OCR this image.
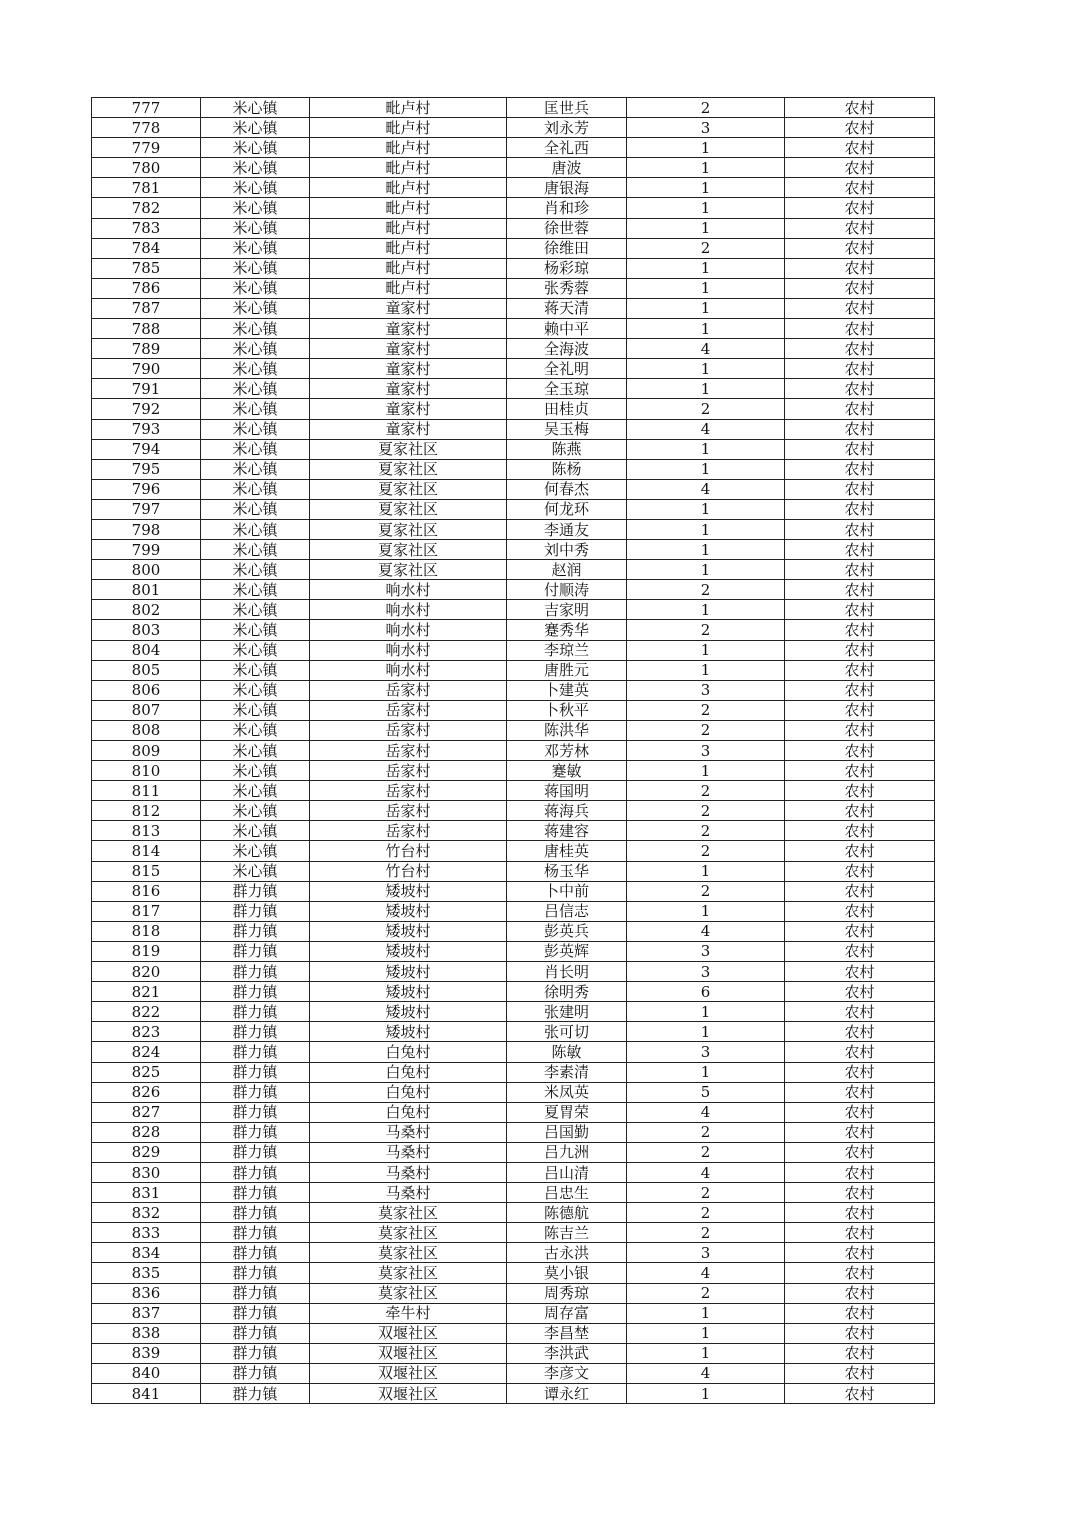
777	米心镇	毗卢村	匡世兵	2	农村
778	米心镇	毗卢村	刘永芳	3	农村
779	米心镇	毗卢村	全礼西	1	农村
780	米心镇	毗卢村	唐波	1	农村
781	米心镇	毗卢村	唐银海	1	农村
782	米心镇	毗卢村	肖和珍	1	农村
783	米心镇	毗卢村	徐世蓉	1	农村
784	米心镇	毗卢村	徐维田	2	农村
785	米心镇	毗卢村	杨彩琼	1	农村
786	米心镇	毗卢村	张秀蓉	1	农村
787	米心镇	童家村	蒋天清	1	农村
788	米心镇	童家村	赖中平	1	农村
789	米心镇	童家村	全海波	4	农村
790	米心镇	童家村	全礼明	1	农村
791	米心镇	童家村	全玉琼	1	农村
792	米心镇	童家村	田桂贞	2	农村
793	米心镇	童家村	吴玉梅	4	农村
794	米心镇	夏家社区	陈燕	1	农村
795	米心镇	夏家社区	陈杨	1	农村
796	米心镇	夏家社区	何春杰	4	农村
797	米心镇	夏家社区	何龙环	1	农村
798	米心镇	夏家社区	李通友	1	农村
799	米心镇	夏家社区	刘中秀	1	农村
800	米心镇	夏家社区	赵润	1	农村
801	米心镇	响水村	付顺涛	2	农村
802	米心镇	响水村	吉家明	1	农村
803	米心镇	响水村	蹇秀华	2	农村
804	米心镇	响水村	李琼兰	1	农村
805	米心镇	响水村	唐胜元	1	农村
806	米心镇	岳家村	卜建英	3	农村
807	米心镇	岳家村	卜秋平	2	农村
808	米心镇	岳家村	陈洪华	2	农村
809	米心镇	岳家村	邓芳林	3	农村
810	米心镇	岳家村	蹇敏	1	农村
811	米心镇	岳家村	蒋国明	2	农村
812	米心镇	岳家村	蒋海兵	2	农村
813	米心镇	岳家村	蒋建容	2	农村
814	米心镇	竹台村	唐桂英	2	农村
815	米心镇	竹台村	杨玉华	1	农村
816	群力镇	矮坡村	卜中前	2	农村
817	群力镇	矮坡村	吕信志	1	农村
818	群力镇	矮坡村	彭英兵	4	农村
819	群力镇	矮坡村	彭英辉	3	农村
820	群力镇	矮坡村	肖长明	3	农村
821	群力镇	矮坡村	徐明秀	6	农村
822	群力镇	矮坡村	张建明	1	农村
823	群力镇	矮坡村	张可切	1	农村
824	群力镇	白兔村	陈敏	3	农村
825	群力镇	白兔村	李素清	1	农村
826	群力镇	白兔村	米凤英	5	农村
827	群力镇	白兔村	夏胃荣	4	农村
828	群力镇	马桑村	吕国勤	2	农村
829	群力镇	马桑村	吕九洲	2	农村
830	群力镇	马桑村	吕山清	4	农村
831	群力镇	马桑村	吕忠生	2	农村
832	群力镇	莫家社区	陈德航	2	农村
833	群力镇	莫家社区	陈吉兰	2	农村
834	群力镇	莫家社区	古永洪	3	农村
835	群力镇	莫家社区	莫小银	4	农村
836	群力镇	莫家社区	周秀琼	2	农村
837	群力镇	牵牛村	周存富	1	农村
838	群力镇	双堰社区	李昌埜	1	农村
839	群力镇	双堰社区	李洪武	1	农村
840	群力镇	双堰社区	李彦文	4	农村
841	群力镇	双堰社区	谭永红	1	农村
